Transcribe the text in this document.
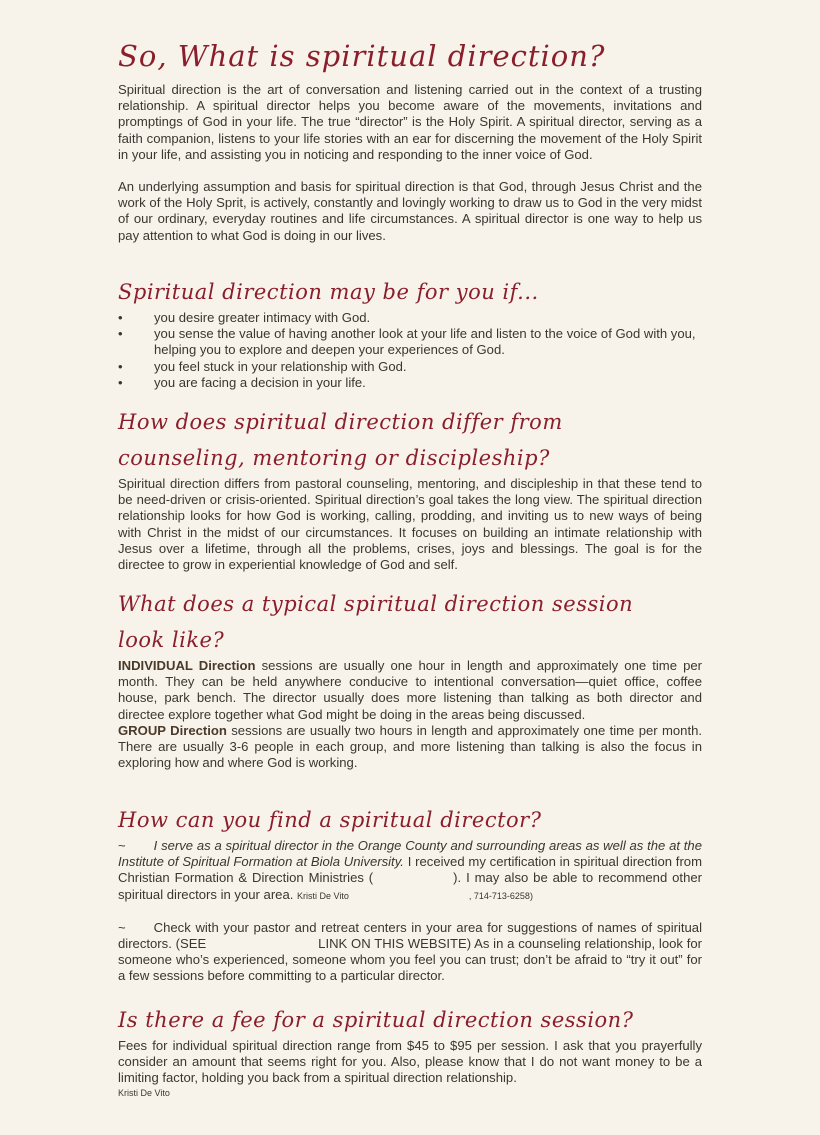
So, What is spiritual direction?

Spiritual direction is the art of conversation and listening carried out in the context of a trusting relationship. A spiritual director helps you become aware of the movements, invitations and promptings of God in your life. The true “director” is the Holy Spirit. A spiritual director, serving as a faith companion, listens to your life stories with an ear for discerning the movement of the Holy Spirit in your life, and assisting you in noticing and responding to the inner voice of God.

An underlying assumption and basis for spiritual direction is that God, through Jesus Christ and the work of the Holy Sprit, is actively, constantly and lovingly working to draw us to God in the very midst of our ordinary, everyday routines and life circumstances. A spiritual director is one way to help us pay attention to what God is doing in our lives.

Spiritual direction may be for you if...
• you desire greater intimacy with God.
• you sense the value of having another look at your life and listen to the voice of God with you, helping you to explore and deepen your experiences of God.
• you feel stuck in your relationship with God.
• you are facing a decision in your life.
How does spiritual direction differ from
counseling, mentoring or discipleship?

Spiritual direction differs from pastoral counseling, mentoring, and discipleship in that these tend to be need-driven or crisis-oriented. Spiritual direction’s goal takes the long view. The spiritual direction relationship looks for how God is working, calling, prodding, and inviting us to new ways of being with Christ in the midst of our circumstances. It focuses on building an intimate relationship with Jesus over a lifetime, through all the problems, crises, joys and blessings. The goal is for the directee to grow in experiential knowledge of God and self.

What does a typical spiritual direction session
look like?

INDIVIDUAL Direction sessions are usually one hour in length and approximately one time per month. They can be held anywhere conducive to intentional conversation—quiet office, coffee house, park bench. The director usually does more listening than talking as both director and directee explore together what God might be doing in the areas being discussed.

GROUP Direction sessions are usually two hours in length and approximately one time per month. There are usually 3-6 people in each group, and more listening than talking is also the focus in exploring how and where God is working.

How can you find a spiritual director?

~ I serve as a spiritual director in the Orange County and surrounding areas as well as the at the Institute of Spiritual Formation at Biola University. I received my certification in spiritual direction from Christian Formation & Direction Ministries (	). I may also be able to recommend other spiritual directors in your area. Kristi De Vito	, 714-713-6258)

~ Check with your pastor and retreat centers in your area for suggestions of names of spiritual directors. (SEE	LINK ON THIS WEBSITE) As in a counseling relationship, look for someone who’s experienced, someone whom you feel you can trust; don’t be afraid to “try it out” for a few sessions before committing to a particular director.

Is there a fee for a spiritual direction session?

Fees for individual spiritual direction range from $45 to $95 per session. I ask that you prayerfully consider an amount that seems right for you. Also, please know that I do not want money to be a limiting factor, holding you back from a spiritual direction relationship.

Kristi De Vito
